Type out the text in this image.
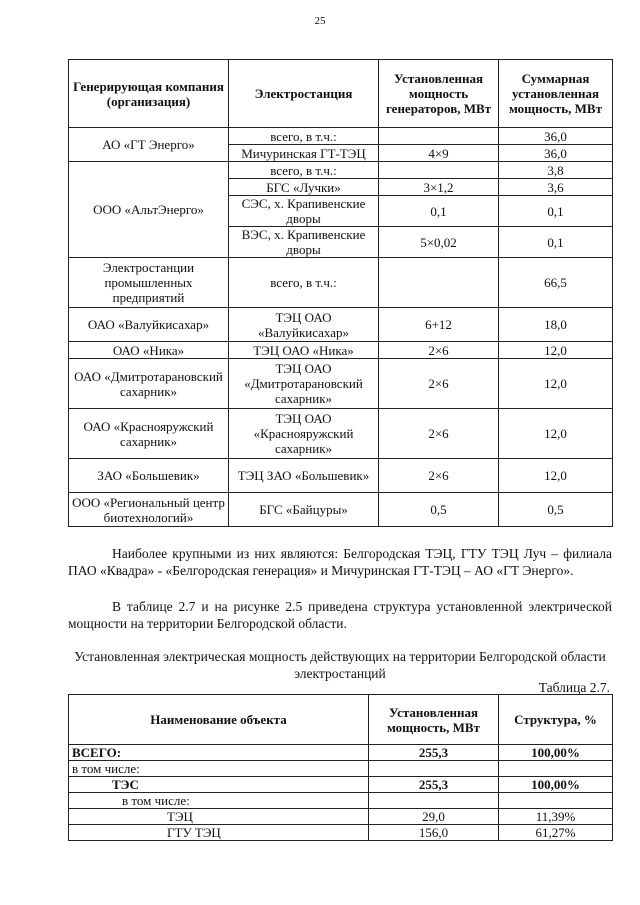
25
Генерирующая компания (организация)	Электростанция	Установленная мощность генераторов, МВт	Суммарная установленная мощность, МВт
АО «ГТ Энерго»	всего, в т.ч.:		36,0
	Мичуринская ГТ-ТЭЦ	4×9	36,0
ООО «АльтЭнерго»	всего, в т.ч.:		3,8
	БГС «Лучки»	3×1,2	3,6
	СЭС, х. Крапивенские дворы	0,1	0,1
	ВЭС, х. Крапивенские дворы	5×0,02	0,1
Электростанции промышленных предприятий	всего, в т.ч.:		66,5
ОАО «Валуйкисахар»	ТЭЦ ОАО «Валуйкисахар»	6+12	18,0
ОАО «Ника»	ТЭЦ ОАО «Ника»	2×6	12,0
ОАО «Дмитротарановский сахарник»	ТЭЦ ОАО «Дмитротарановский сахарник»	2×6	12,0
ОАО «Краснояружский сахарник»	ТЭЦ ОАО «Краснояружский сахарник»	2×6	12,0
ЗАО «Большевик»	ТЭЦ ЗАО «Большевик»	2×6	12,0
ООО «Региональный центр биотехнологий»	БГС «Байцуры»	0,5	0,5

Наиболее крупными из них являются: Белгородская ТЭЦ, ГТУ ТЭЦ Луч – филиала ПАО «Квадра» - «Белгородская генерация» и Мичуринская ГТ-ТЭЦ – АО «ГТ Энерго».

В таблице 2.7 и на рисунке 2.5 приведена структура установленной электрической мощности на территории Белгородской области.

Установленная электрическая мощность действующих на территории Белгородской области электростанций

Таблица 2.7.

Наименование объекта	Установленная мощность, МВт	Структура, %
ВСЕГО:	255,3	100,00%
в том числе:		
ТЭС	255,3	100,00%
в том числе:		
ТЭЦ	29,0	11,39%
ГТУ ТЭЦ	156,0	61,27%
